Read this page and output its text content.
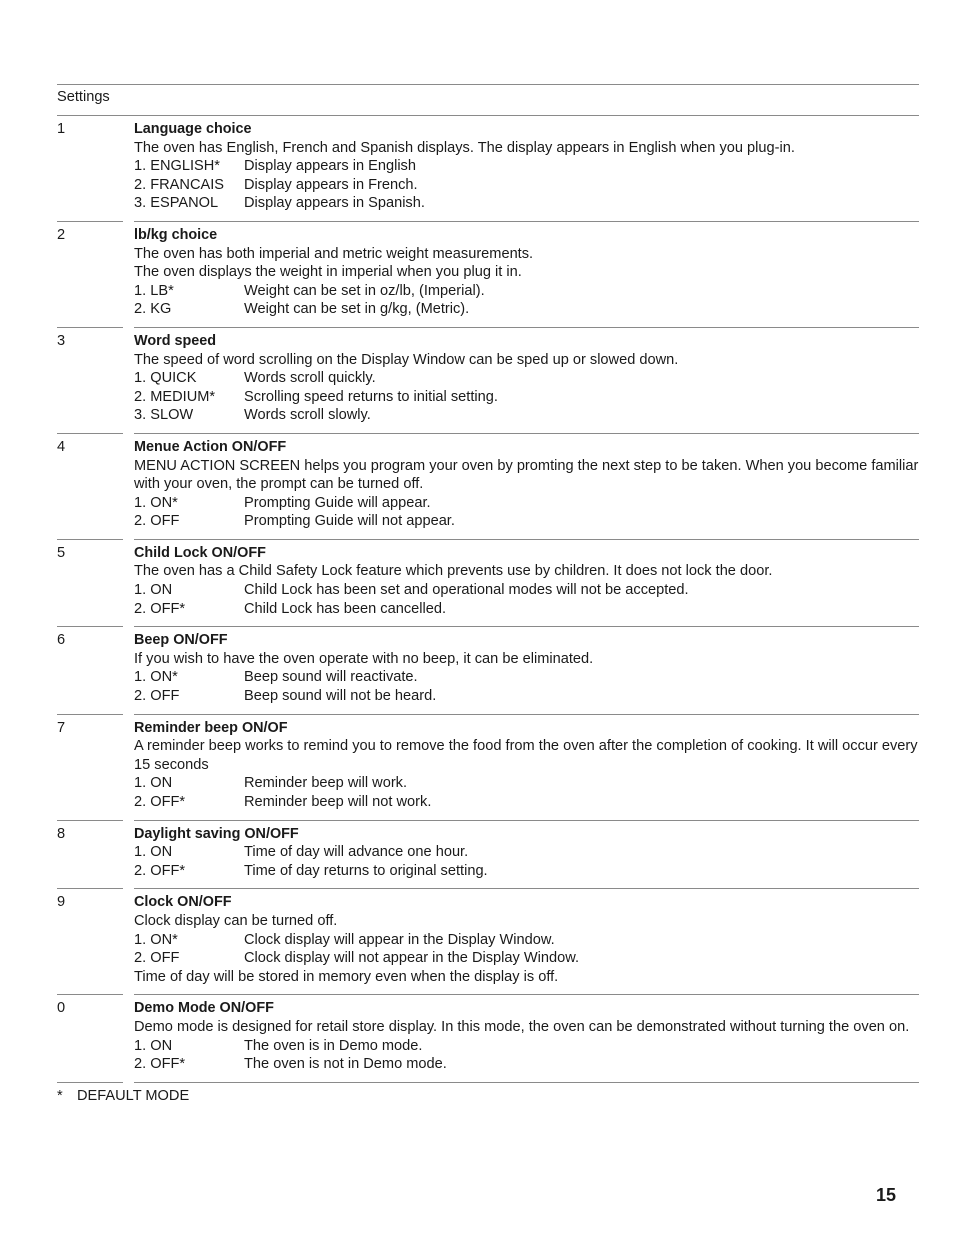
Settings
1	Language choice
The oven has English, French and Spanish displays. The display appears in English when you plug-in.
1. ENGLISH*	Display appears in English
2. FRANCAIS	Display appears in French.
3. ESPANOL	Display appears in Spanish.
2	lb/kg choice
The oven has both imperial and metric weight measurements.
The oven displays the weight in imperial when you plug it in.
1. LB*	Weight can be set in oz/lb, (Imperial).
2. KG	Weight can be set in g/kg, (Metric).
3	Word speed
The speed of word scrolling on the Display Window can be sped up or slowed down.
1. QUICK	Words scroll quickly.
2. MEDIUM*	Scrolling speed returns to initial setting.
3. SLOW	Words scroll slowly.
4	Menue Action ON/OFF
MENU ACTION SCREEN helps you program your oven by promting the next step to be taken. When you become familiar with your oven, the prompt can be turned off.
1. ON*	Prompting Guide will appear.
2. OFF	Prompting Guide will not appear.
5	Child Lock ON/OFF
The oven has a Child Safety Lock feature which prevents use by children. It does not lock the door.
1. ON	Child Lock has been set and operational modes will not be accepted.
2. OFF*	Child Lock has been cancelled.
6	Beep ON/OFF
If you wish to have the oven operate with no beep, it can be eliminated.
1. ON*	Beep sound will reactivate.
2. OFF	Beep sound will not be heard.
7	Reminder beep ON/OF
A reminder beep works to remind you to remove the food from the oven after the completion of cooking. It will occur every 15 seconds
1. ON	Reminder beep will work.
2. OFF*	Reminder beep will not work.
8	Daylight saving ON/OFF
1. ON	Time of day will advance one hour.
2. OFF*	Time of day returns to original setting.
9	Clock ON/OFF
Clock display can be turned off.
1. ON*	Clock display will appear in the Display Window.
2. OFF	Clock display will not appear in the Display Window.
Time of day will be stored in memory even when the display is off.
0	Demo Mode ON/OFF
Demo mode is designed for retail store display. In this mode, the oven can be demonstrated without turning the oven on.
1. ON	The oven is in Demo mode.
2. OFF*	The oven is not in Demo mode.
* DEFAULT MODE
15
